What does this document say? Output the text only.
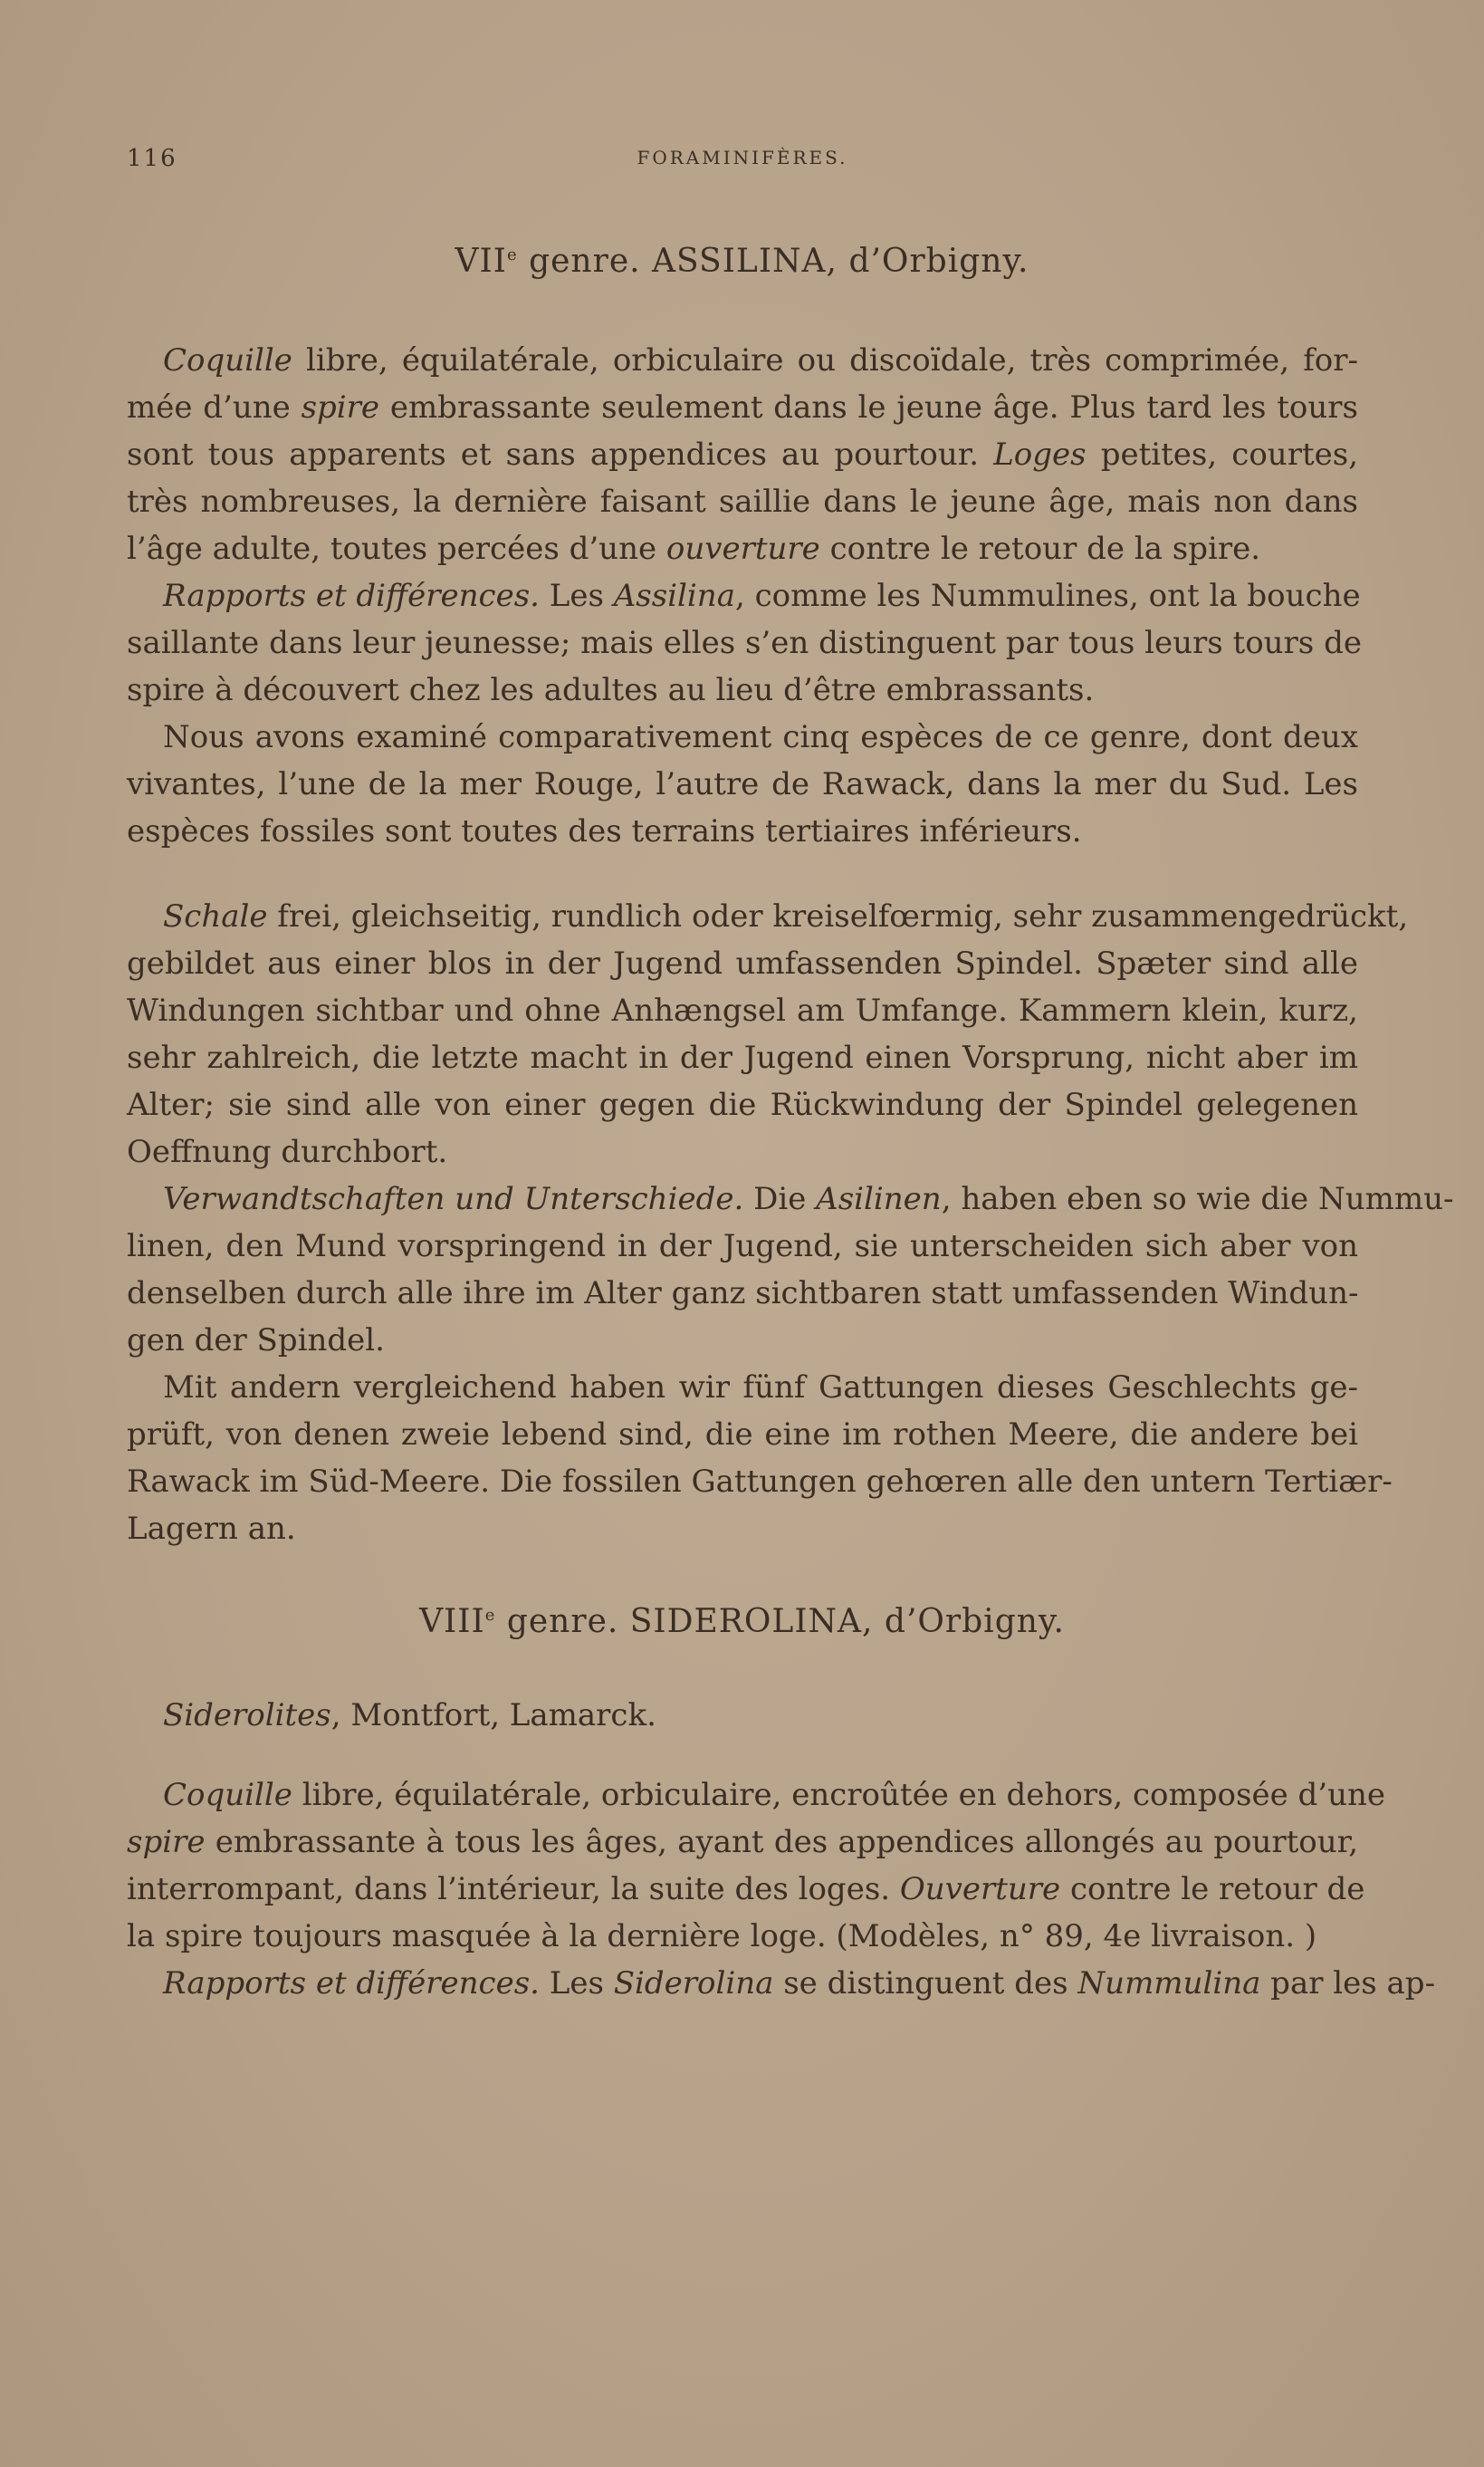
116	FORAMINIFÈRES.
VIIe genre. ASSILINA, d’Orbigny.
Coquille libre, équilatérale, orbiculaire ou discoïdale, très comprimée, for-
mée d’une spire embrassante seulement dans le jeune âge. Plus tard les tours
sont tous apparents et sans appendices au pourtour. Loges petites, courtes,
très nombreuses, la dernière faisant saillie dans le jeune âge, mais non dans
l’âge adulte, toutes percées d’une ouverture contre le retour de la spire.
Rapports et différences. Les Assilina, comme les Nummulines, ont la bouche
saillante dans leur jeunesse; mais elles s’en distinguent par tous leurs tours de
spire à découvert chez les adultes au lieu d’être embrassants.
Nous avons examiné comparativement cinq espèces de ce genre, dont deux
vivantes, l’une de la mer Rouge, l’autre de Rawack, dans la mer du Sud. Les
espèces fossiles sont toutes des terrains tertiaires inférieurs.
Schale frei, gleichseitig, rundlich oder kreiselfœrmig, sehr zusammengedrückt,
gebildet aus einer blos in der Jugend umfassenden Spindel. Spæter sind alle
Windungen sichtbar und ohne Anhængsel am Umfange. Kammern klein, kurz,
sehr zahlreich, die letzte macht in der Jugend einen Vorsprung, nicht aber im
Alter; sie sind alle von einer gegen die Rückwindung der Spindel gelegenen
Oeffnung durchbort.
Verwandtschaften und Unterschiede. Die Asilinen, haben eben so wie die Nummu-
linen, den Mund vorspringend in der Jugend, sie unterscheiden sich aber von
denselben durch alle ihre im Alter ganz sichtbaren statt umfassenden Windun-
gen der Spindel.
Mit andern vergleichend haben wir fünf Gattungen dieses Geschlechts ge-
prüft, von denen zweie lebend sind, die eine im rothen Meere, die andere bei
Rawack im Süd-Meere. Die fossilen Gattungen gehœren alle den untern Tertiær-
Lagern an.
VIIIe genre. SIDEROLINA, d’Orbigny.
Siderolites, Montfort, Lamarck.
Coquille libre, équilatérale, orbiculaire, encroûtée en dehors, composée d’une
spire embrassante à tous les âges, ayant des appendices allongés au pourtour,
interrompant, dans l’intérieur, la suite des loges. Ouverture contre le retour de
la spire toujours masquée à la dernière loge. (Modèles, n° 89, 4e livraison. )
Rapports et différences. Les Siderolina se distinguent des Nummulina par les ap-
